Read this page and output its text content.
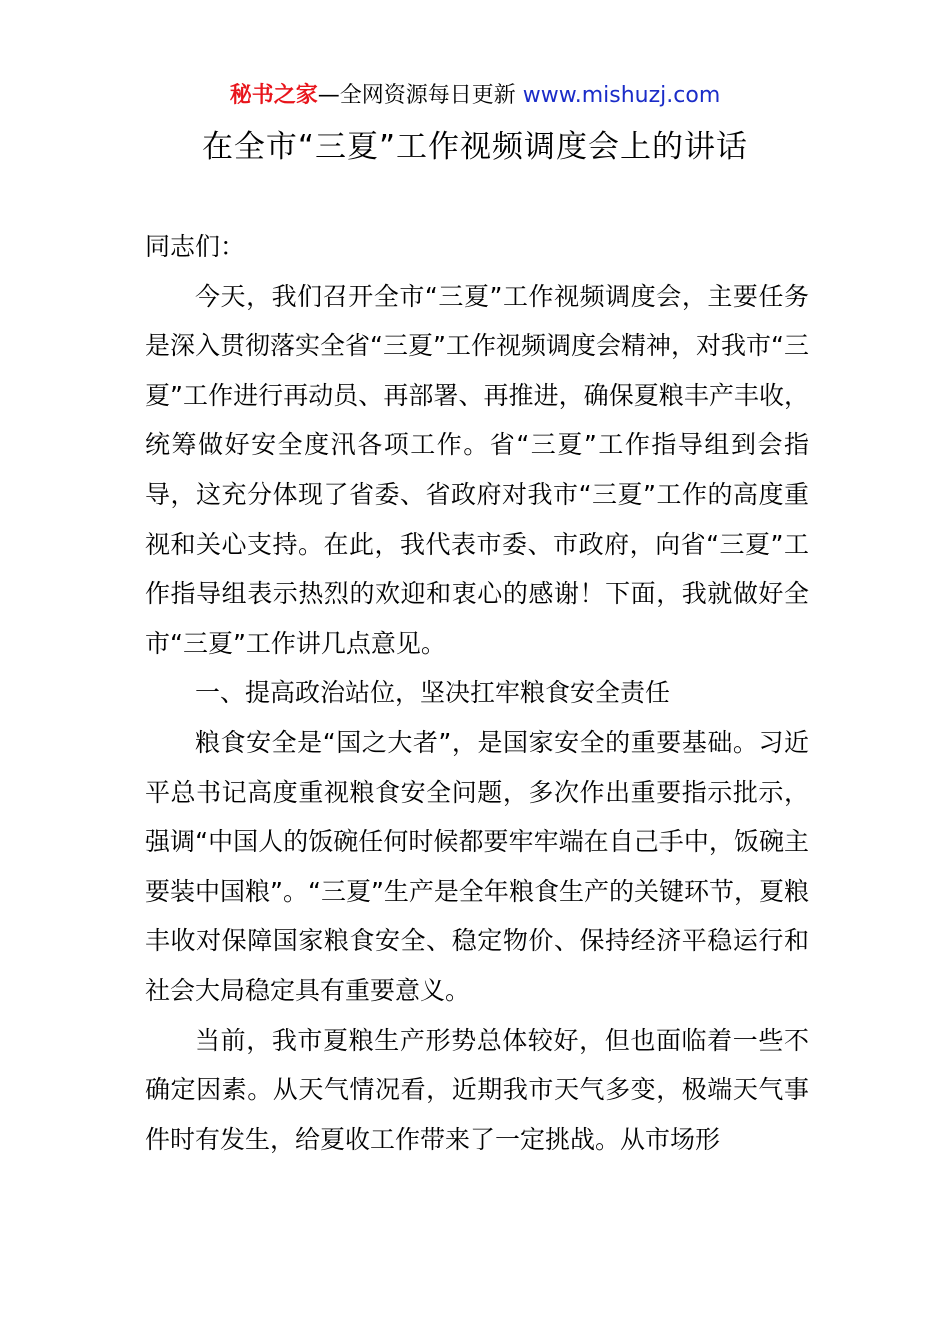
秘书之家—全网资源每日更新 www.mishuzj.com
在全市“三夏”工作视频调度会上的讲话

同志们：

今天，我们召开全市“三夏”工作视频调度会，主要任务是深入贯彻落实全省“三夏”工作视频调度会精神，对我市“三夏”工作进行再动员、再部署、再推进，确保夏粮丰产丰收，统筹做好安全度汛各项工作。省“三夏”工作指导组到会指导，这充分体现了省委、省政府对我市“三夏”工作的高度重视和关心支持。在此，我代表市委、市政府，向省“三夏”工作指导组表示热烈的欢迎和衷心的感谢！下面，我就做好全市“三夏”工作讲几点意见。

一、提高政治站位，坚决扛牢粮食安全责任

粮食安全是“国之大者”，是国家安全的重要基础。习近平总书记高度重视粮食安全问题，多次作出重要指示批示，强调“中国人的饭碗任何时候都要牢牢端在自己手中，饭碗主要装中国粮”。“三夏”生产是全年粮食生产的关键环节，夏粮丰收对保障国家粮食安全、稳定物价、保持经济平稳运行和社会大局稳定具有重要意义。

当前，我市夏粮生产形势总体较好，但也面临着一些不确定因素。从天气情况看，近期我市天气多变，极端天气事件时有发生，给夏收工作带来了一定挑战。从市场形
